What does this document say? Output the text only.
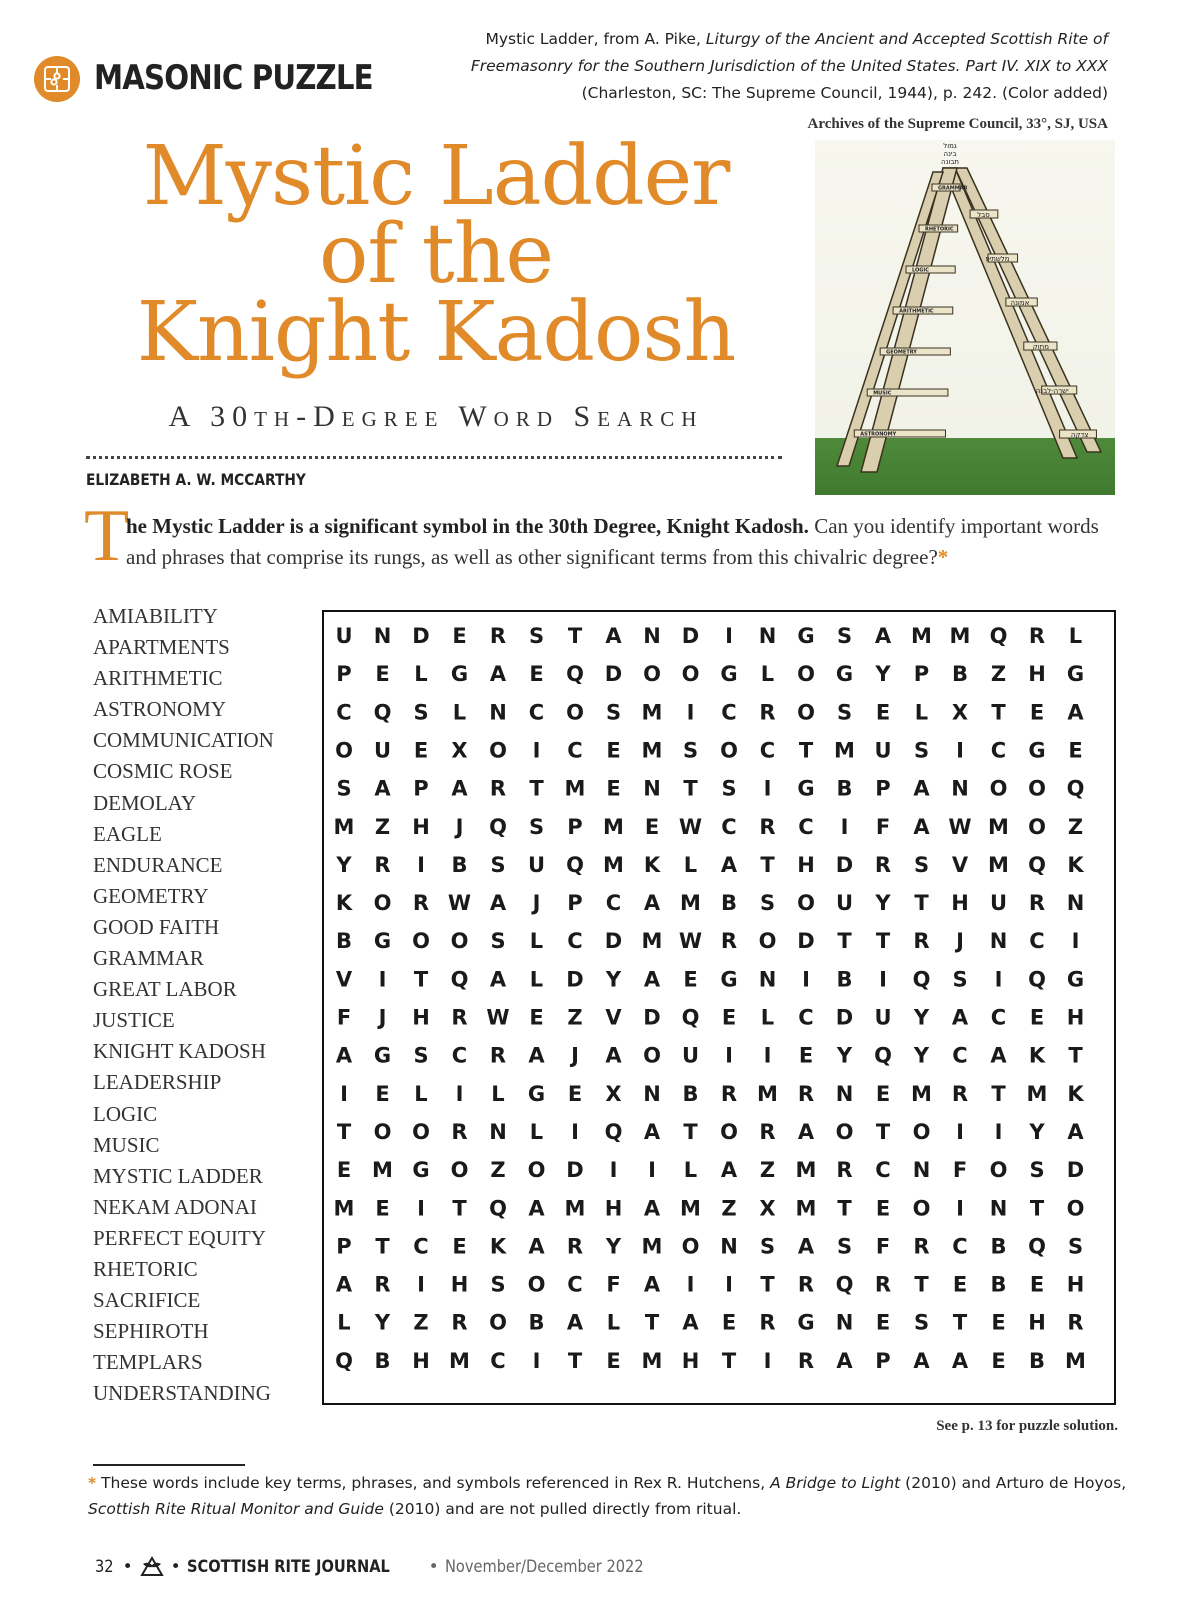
MASONIC PUZZLE
Mystic Ladder, from A. Pike, Liturgy of the Ancient and Accepted Scottish Rite of Freemasonry for the Southern Jurisdiction of the United States. Part IV. XIX to XXX (Charleston, SC: The Supreme Council, 1944), p. 242. (Color added)
Archives of the Supreme Council, 33°, SJ, USA
Mystic Ladder
of the
Knight Kadosh
A 30th-Degree Word Search
ELIZABETH A. W. MCCARTHY
GRAMMAR
RHETORIC
LOGIC
ARITHMETIC
GEOMETRY
MUSIC
ASTRONOMY
סבל
מלשתיפ
אמונה
מתוק
ישרה-לבנה
צדקה
גמול
בינה
תבונה
T
he Mystic Ladder is a significant symbol in the 30th Degree, Knight Kadosh. Can you identify important words and phrases that comprise its rungs, as well as other significant terms from this chivalric degree?*
AMIABILITY
APARTMENTS
ARITHMETIC
ASTRONOMY
COMMUNICATION
COSMIC ROSE
DEMOLAY
EAGLE
ENDURANCE
GEOMETRY
GOOD FAITH
GRAMMAR
GREAT LABOR
JUSTICE
KNIGHT KADOSH
LEADERSHIP
LOGIC
MUSIC
MYSTIC LADDER
NEKAM ADONAI
PERFECT EQUITY
RHETORIC
SACRIFICE
SEPHIROTH
TEMPLARS
UNDERSTANDING
U N D E R S T A N D I N G S A M M Q R L
P E L G A E Q D O O G L O G Y P B Z H G
C Q S L N C O S M I C R O S E L X T E A
O U E X O I C E M S O C T M U S I C G E
S A P A R T M E N T S I G B P A N O O Q
M Z H J Q S P M E W C R C I F A W M O Z
Y R I B S U Q M K L A T H D R S V M Q K
K O R W A J P C A M B S O U Y T H U R N
B G O O S L C D M W R O D T T R J N C I
V I T Q A L D Y A E G N I B I Q S I Q G
F J H R W E Z V D Q E L C D U Y A C E H
A G S C R A J A O U I I E Y Q Y C A K T
I E L I L G E X N B R M R N E M R T M K
T O O R N L I Q A T O R A O T O I I Y A
E M G O Z O D I I L A Z M R C N F O S D
M E I T Q A M H A M Z X M T E O I N T O
P T C E K A R Y M O N S A S F R C B Q S
A R I H S O C F A I I T R Q R T E B E H
L Y Z R O B A L T A E R G N E S T E H R
Q B H M C I T E M H T I R A P A A E B M
See p. 13 for puzzle solution.
* These words include key terms, phrases, and symbols referenced in Rex R. Hutchens, A Bridge to Light (2010) and Arturo de Hoyos, Scottish Rite Ritual Monitor and Guide (2010) and are not pulled directly from ritual.
32 • • SCOTTISH RITE JOURNAL • November/December 2022
